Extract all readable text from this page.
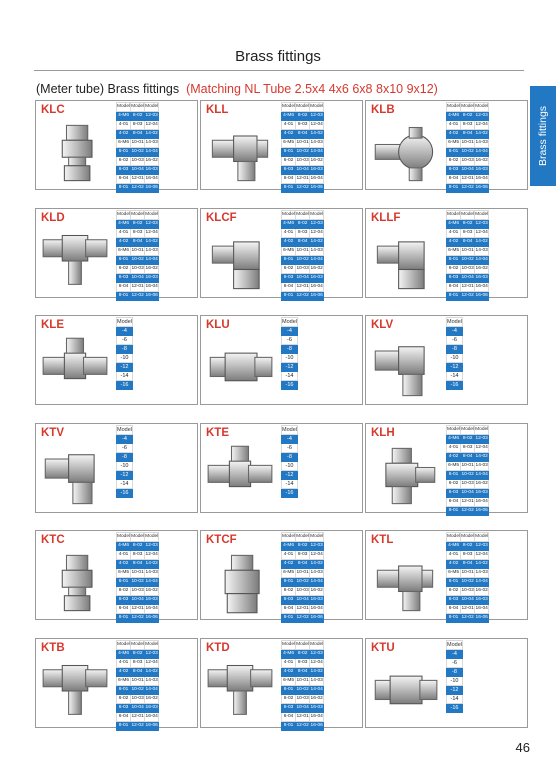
Brass fittings
(Meter tube) Brass fittings (Matching NL Tube 2.5x4 4x6 6x8 8x10 9x12)
Brass fittings
KLC	Model	Model	Model
4-M6	8-02	12-03
4-01	8-03	12-04
4-02	8-04	14-02
6-M6	10-01	14-03
6-01	10-02	14-04
6-02	10-03	16-02
6-03	10-04	16-03
6-04	12-01	16-04
8-01	12-02	16-06
KLL	Model	Model	Model
4-M6	8-02	12-03
4-01	8-03	12-04
4-02	8-04	14-02
6-M5	10-01	14-03
6-01	10-02	14-04
6-02	10-03	16-02
6-03	10-04	16-03
6-04	12-01	16-04
8-01	12-02	16-06
KLB	Model	Model	Model
4-M6	8-02	12-03
4-01	8-03	12-04
4-02	8-04	14-02
6-M5	10-01	14-03
6-01	10-02	14-04
6-02	10-03	16-02
6-03	10-04	16-03
6-04	12-01	16-04
8-01	12-02	16-06
KLD	Model	Model	Model
4-M6	8-02	12-03
4-01	8-03	12-04
4-02	8-04	14-02
6-M6	10-01	14-03
6-01	10-02	14-04
6-02	10-03	16-02
6-03	10-04	16-03
6-04	12-01	16-04
8-01	12-02	16-06
KLCF	Model	Model	Model
4-M6	8-02	12-03
4-01	8-03	12-04
4-02	8-04	14-02
6-M5	10-01	14-03
6-01	10-02	14-04
6-02	10-03	16-02
6-03	10-04	16-03
6-04	12-01	16-04
8-01	12-02	16-06
KLLF	Model	Model	Model
4-M6	8-02	12-03
4-01	8-03	12-04
4-02	8-04	14-02
6-M5	10-01	14-03
6-01	10-02	14-04
6-02	10-03	16-02
6-03	10-04	16-03
6-04	12-01	16-04
8-01	12-02	16-06
KLE	Model
-4
-6
-8
-10
-12
-14
-16
KLU	Model
-4
-6
-8
-10
-12
-14
-16
KLV	Model
-4
-6
-8
-10
-12
-14
-16
KTV	Model
-4
-6
-8
-10
-12
-14
-16
KTE	Model
-4
-6
-8
-10
-12
-14
-16
KLH	Model	Model	Model
4-M6	8-02	12-03
4-01	8-03	12-04
4-02	8-04	14-02
6-M5	10-01	14-03
6-01	10-02	14-04
6-02	10-03	16-02
6-03	10-04	16-03
6-04	12-01	16-04
8-01	12-02	16-06
KTC	Model	Model	Model
4-M6	8-02	12-03
4-01	8-03	12-04
4-02	8-04	14-02
6-M5	10-01	14-03
6-01	10-02	14-04
6-02	10-03	16-02
6-03	10-04	16-03
6-04	12-01	16-04
8-01	12-02	16-06
KTCF	Model	Model	Model
4-M6	8-02	12-03
4-01	8-03	12-04
4-02	8-04	14-02
6-M5	10-01	14-03
6-01	10-02	14-04
6-02	10-03	16-02
6-03	10-04	16-03
6-04	12-01	16-04
8-01	12-02	16-06
KTL	Model	Model	Model
4-M6	8-02	12-03
4-01	8-03	12-04
4-02	8-04	14-02
6-M5	10-01	14-03
6-01	10-02	14-04
6-02	10-03	16-02
6-03	10-04	16-03
6-04	12-01	16-04
8-01	12-02	16-06
KTB	Model	Model	Model
4-M6	8-02	12-03
4-01	8-03	12-04
4-02	8-04	14-02
6-M6	10-01	14-03
6-01	10-02	14-04
6-02	10-03	16-02
6-03	10-04	16-03
6-04	12-01	16-04
8-01	12-02	16-06
KTD	Model	Model	Model
4-M6	8-02	12-03
4-01	8-03	12-04
4-02	8-04	14-02
6-M5	10-01	14-03
6-01	10-02	14-04
6-02	10-03	16-02
6-03	10-04	16-03
6-04	12-01	16-04
8-01	12-02	16-06
KTU	Model
-4
-6
-8
-10
-12
-14
-16
46
